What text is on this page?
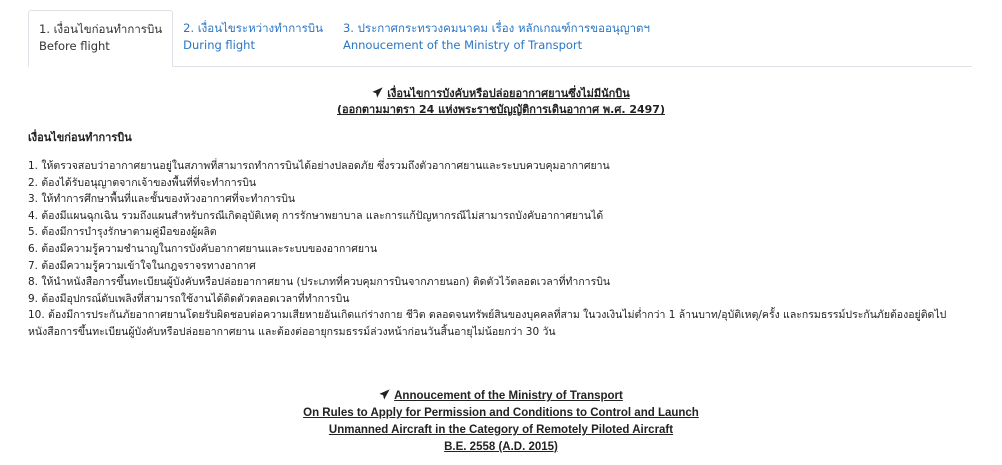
1. เงื่อนไขก่อนทำการบิน
Before flight
2. เงื่อนไขระหว่างทำการบิน
During flight
3. ประกาศกระทรวงคมนาคม เรื่อง หลักเกณฑ์การขออนุญาตฯ
Annoucement of the Ministry of Transport
เงื่อนไขการบังคับหรือปล่อยอากาศยานซึ่งไม่มีนักบิน
(ออกตามมาตรา 24 แห่งพระราชบัญญัติการเดินอากาศ พ.ศ. 2497)
เงื่อนไขก่อนทำการบิน
1. ให้ตรวจสอบว่าอากาศยานอยู่ในสภาพที่สามารถทำการบินได้อย่างปลอดภัย ซึ่งรวมถึงตัวอากาศยานและระบบควบคุมอากาศยาน
2. ต้องได้รับอนุญาตจากเจ้าของพื้นที่ที่จะทำการบิน
3. ให้ทำการศึกษาพื้นที่และชั้นของห้วงอากาศที่จะทำการบิน
4. ต้องมีแผนฉุกเฉิน รวมถึงแผนสำหรับกรณีเกิดอุบัติเหตุ การรักษาพยาบาล และการแก้ปัญหากรณีไม่สามารถบังคับอากาศยานได้
5. ต้องมีการบำรุงรักษาตามคู่มือของผู้ผลิต
6. ต้องมีความรู้ความชำนาญในการบังคับอากาศยานและระบบของอากาศยาน
7. ต้องมีความรู้ความเข้าใจในกฎจราจรทางอากาศ
8. ให้นำหนังสือการขึ้นทะเบียนผู้บังคับหรือปล่อยอากาศยาน (ประเภทที่ควบคุมการบินจากภายนอก) ติดตัวไว้ตลอดเวลาที่ทำการบิน
9. ต้องมีอุปกรณ์ดับเพลิงที่สามารถใช้งานได้ติดตัวตลอดเวลาที่ทำการบิน
10. ต้องมีการประกันภัยอากาศยานโดยรับผิดชอบต่อความเสียหายอันเกิดแก่ร่างกาย ชีวิต ตลอดจนทรัพย์สินของบุคคลที่สาม ในวงเงินไม่ต่ำกว่า 1 ล้านบาท/อุบัติเหตุ/ครั้ง และกรมธรรม์ประกันภัยต้องอยู่ติดไปหนังสือการขึ้นทะเบียนผู้บังคับหรือปล่อยอากาศยาน และต้องต่ออายุกรมธรรม์ล่วงหน้าก่อนวันสิ้นอายุไม่น้อยกว่า 30 วัน
Annoucement of the Ministry of Transport
On Rules to Apply for Permission and Conditions to Control and Launch
Unmanned Aircraft in the Category of Remotely Piloted Aircraft
B.E. 2558 (A.D. 2015)
